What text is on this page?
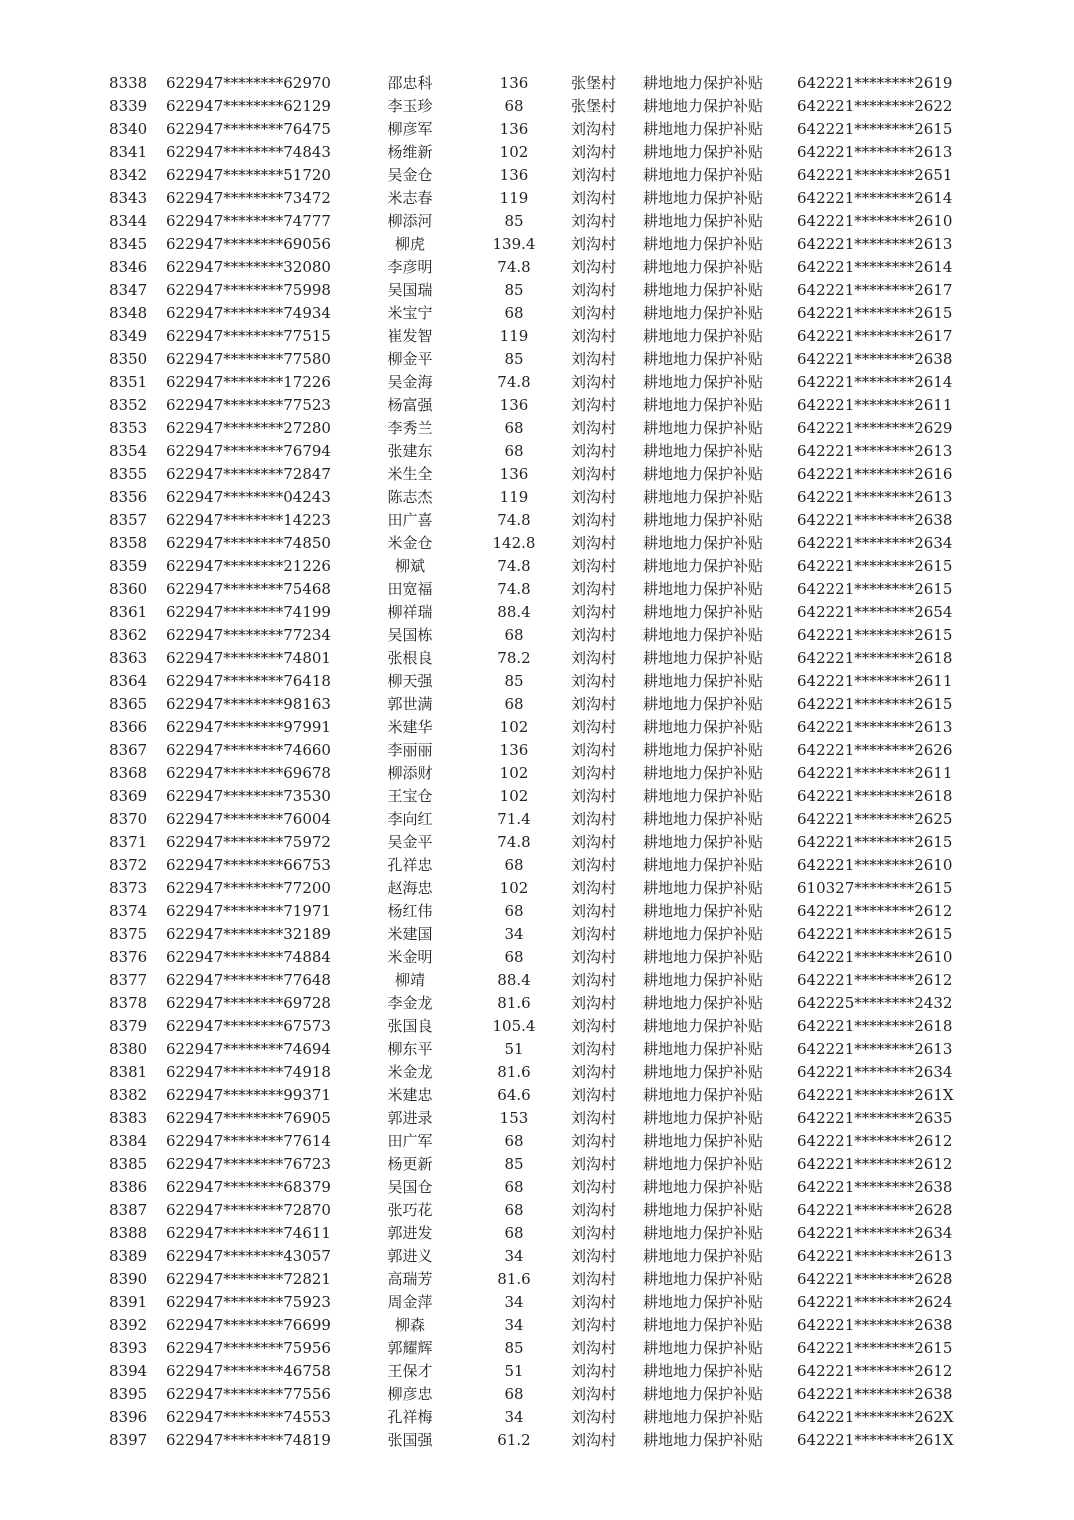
8338 622947********62970	邵忠科	136	张堡村 耕地地力保护补贴 642221********2619
8339 622947********62129	李玉珍	68	张堡村 耕地地力保护补贴 642221********2622
8340 622947********76475	柳彦军	136	刘沟村 耕地地力保护补贴 642221********2615
8341 622947********74843	杨维新	102	刘沟村 耕地地力保护补贴 642221********2613
8342 622947********51720	吴金仓	136	刘沟村 耕地地力保护补贴 642221********2651
8343 622947********73472	米志春	119	刘沟村 耕地地力保护补贴 642221********2614
8344 622947********74777	柳添河	85	刘沟村 耕地地力保护补贴 642221********2610
8345 622947********69056	柳虎	139.4	刘沟村 耕地地力保护补贴 642221********2613
8346 622947********32080	李彦明	74.8	刘沟村 耕地地力保护补贴 642221********2614
8347 622947********75998	吴国瑞	85	刘沟村 耕地地力保护补贴 642221********2617
8348 622947********74934	米宝宁	68	刘沟村 耕地地力保护补贴 642221********2615
8349 622947********77515	崔发智	119	刘沟村 耕地地力保护补贴 642221********2617
8350 622947********77580	柳金平	85	刘沟村 耕地地力保护补贴 642221********2638
8351 622947********17226	吴金海	74.8	刘沟村 耕地地力保护补贴 642221********2614
8352 622947********77523	杨富强	136	刘沟村 耕地地力保护补贴 642221********2611
8353 622947********27280	李秀兰	68	刘沟村 耕地地力保护补贴 642221********2629
8354 622947********76794	张建东	68	刘沟村 耕地地力保护补贴 642221********2613
8355 622947********72847	米生全	136	刘沟村 耕地地力保护补贴 642221********2616
8356 622947********04243	陈志杰	119	刘沟村 耕地地力保护补贴 642221********2613
8357 622947********14223	田广喜	74.8	刘沟村 耕地地力保护补贴 642221********2638
8358 622947********74850	米金仓	142.8	刘沟村 耕地地力保护补贴 642221********2634
8359 622947********21226	柳斌	74.8	刘沟村 耕地地力保护补贴 642221********2615
8360 622947********75468	田宽福	74.8	刘沟村 耕地地力保护补贴 642221********2615
8361 622947********74199	柳祥瑞	88.4	刘沟村 耕地地力保护补贴 642221********2654
8362 622947********77234	吴国栋	68	刘沟村 耕地地力保护补贴 642221********2615
8363 622947********74801	张根良	78.2	刘沟村 耕地地力保护补贴 642221********2618
8364 622947********76418	柳天强	85	刘沟村 耕地地力保护补贴 642221********2611
8365 622947********98163	郭世满	68	刘沟村 耕地地力保护补贴 642221********2615
8366 622947********97991	米建华	102	刘沟村 耕地地力保护补贴 642221********2613
8367 622947********74660	李丽丽	136	刘沟村 耕地地力保护补贴 642221********2626
8368 622947********69678	柳添财	102	刘沟村 耕地地力保护补贴 642221********2611
8369 622947********73530	王宝仓	102	刘沟村 耕地地力保护补贴 642221********2618
8370 622947********76004	李向红	71.4	刘沟村 耕地地力保护补贴 642221********2625
8371 622947********75972	吴金平	74.8	刘沟村 耕地地力保护补贴 642221********2615
8372 622947********66753	孔祥忠	68	刘沟村 耕地地力保护补贴 642221********2610
8373 622947********77200	赵海忠	102	刘沟村 耕地地力保护补贴 610327********2615
8374 622947********71971	杨红伟	68	刘沟村 耕地地力保护补贴 642221********2612
8375 622947********32189	米建国	34	刘沟村 耕地地力保护补贴 642221********2615
8376 622947********74884	米金明	68	刘沟村 耕地地力保护补贴 642221********2610
8377 622947********77648	柳靖	88.4	刘沟村 耕地地力保护补贴 642221********2612
8378 622947********69728	李金龙	81.6	刘沟村 耕地地力保护补贴 642225********2432
8379 622947********67573	张国良	105.4	刘沟村 耕地地力保护补贴 642221********2618
8380 622947********74694	柳东平	51	刘沟村 耕地地力保护补贴 642221********2613
8381 622947********74918	米金龙	81.6	刘沟村 耕地地力保护补贴 642221********2634
8382 622947********99371	米建忠	64.6	刘沟村 耕地地力保护补贴 642221********261X
8383 622947********76905	郭进录	153	刘沟村 耕地地力保护补贴 642221********2635
8384 622947********77614	田广军	68	刘沟村 耕地地力保护补贴 642221********2612
8385 622947********76723	杨更新	85	刘沟村 耕地地力保护补贴 642221********2612
8386 622947********68379	吴国仓	68	刘沟村 耕地地力保护补贴 642221********2638
8387 622947********72870	张巧花	68	刘沟村 耕地地力保护补贴 642221********2628
8388 622947********74611	郭进发	68	刘沟村 耕地地力保护补贴 642221********2634
8389 622947********43057	郭进义	34	刘沟村 耕地地力保护补贴 642221********2613
8390 622947********72821	高瑞芳	81.6	刘沟村 耕地地力保护补贴 642221********2628
8391 622947********75923	周金萍	34	刘沟村 耕地地力保护补贴 642221********2624
8392 622947********76699	柳森	34	刘沟村 耕地地力保护补贴 642221********2638
8393 622947********75956	郭耀辉	85	刘沟村 耕地地力保护补贴 642221********2615
8394 622947********46758	王保才	51	刘沟村 耕地地力保护补贴 642221********2612
8395 622947********77556	柳彦忠	68	刘沟村 耕地地力保护补贴 642221********2638
8396 622947********74553	孔祥梅	34	刘沟村 耕地地力保护补贴 642221********262X
8397 622947********74819	张国强	61.2	刘沟村 耕地地力保护补贴 642221********261X
